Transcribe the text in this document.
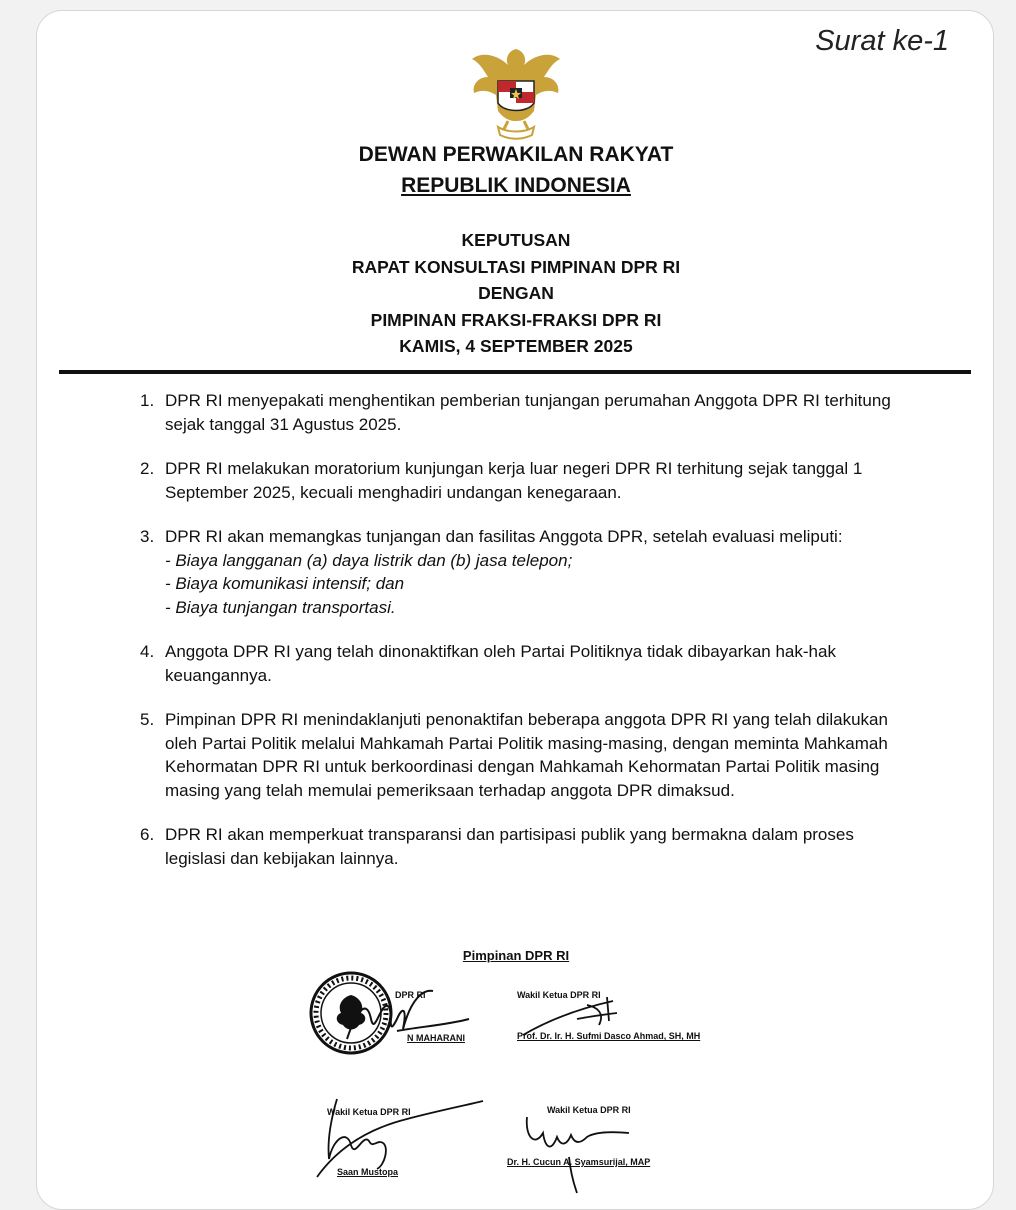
Surat ke-1
DEWAN PERWAKILAN RAKYAT
REPUBLIK INDONESIA
KEPUTUSAN
RAPAT KONSULTASI PIMPINAN DPR RI
DENGAN
PIMPINAN FRAKSI-FRAKSI DPR RI
KAMIS, 4 SEPTEMBER 2025
1. DPR RI menyepakati menghentikan pemberian tunjangan perumahan Anggota DPR RI terhitung sejak tanggal 31 Agustus 2025.
2. DPR RI melakukan moratorium kunjungan kerja luar negeri DPR RI terhitung sejak tanggal 1 September 2025, kecuali menghadiri undangan kenegaraan.
3. DPR RI akan memangkas tunjangan dan fasilitas Anggota DPR, setelah evaluasi meliputi:
- Biaya langganan (a) daya listrik dan (b) jasa telepon;
- Biaya komunikasi intensif; dan
- Biaya tunjangan transportasi.
4. Anggota DPR RI yang telah dinonaktifkan oleh Partai Politiknya tidak dibayarkan hak-hak keuangannya.
5. Pimpinan DPR RI menindaklanjuti penonaktifan beberapa anggota DPR RI yang telah dilakukan oleh Partai Politik melalui Mahkamah Partai Politik masing-masing, dengan meminta Mahkamah Kehormatan DPR RI untuk berkoordinasi dengan Mahkamah Kehormatan Partai Politik masing masing yang telah memulai pemeriksaan terhadap anggota DPR dimaksud.
6. DPR RI akan memperkuat transparansi dan partisipasi publik yang bermakna dalam proses legislasi dan kebijakan lainnya.
Pimpinan DPR RI
DPR RI
N MAHARANI
Wakil Ketua DPR RI
Prof. Dr. Ir. H. Sufmi Dasco Ahmad, SH, MH
Wakil Ketua DPR RI
Saan Mustopa
Wakil Ketua DPR RI
Dr. H. Cucun A. Syamsurijal, MAP
